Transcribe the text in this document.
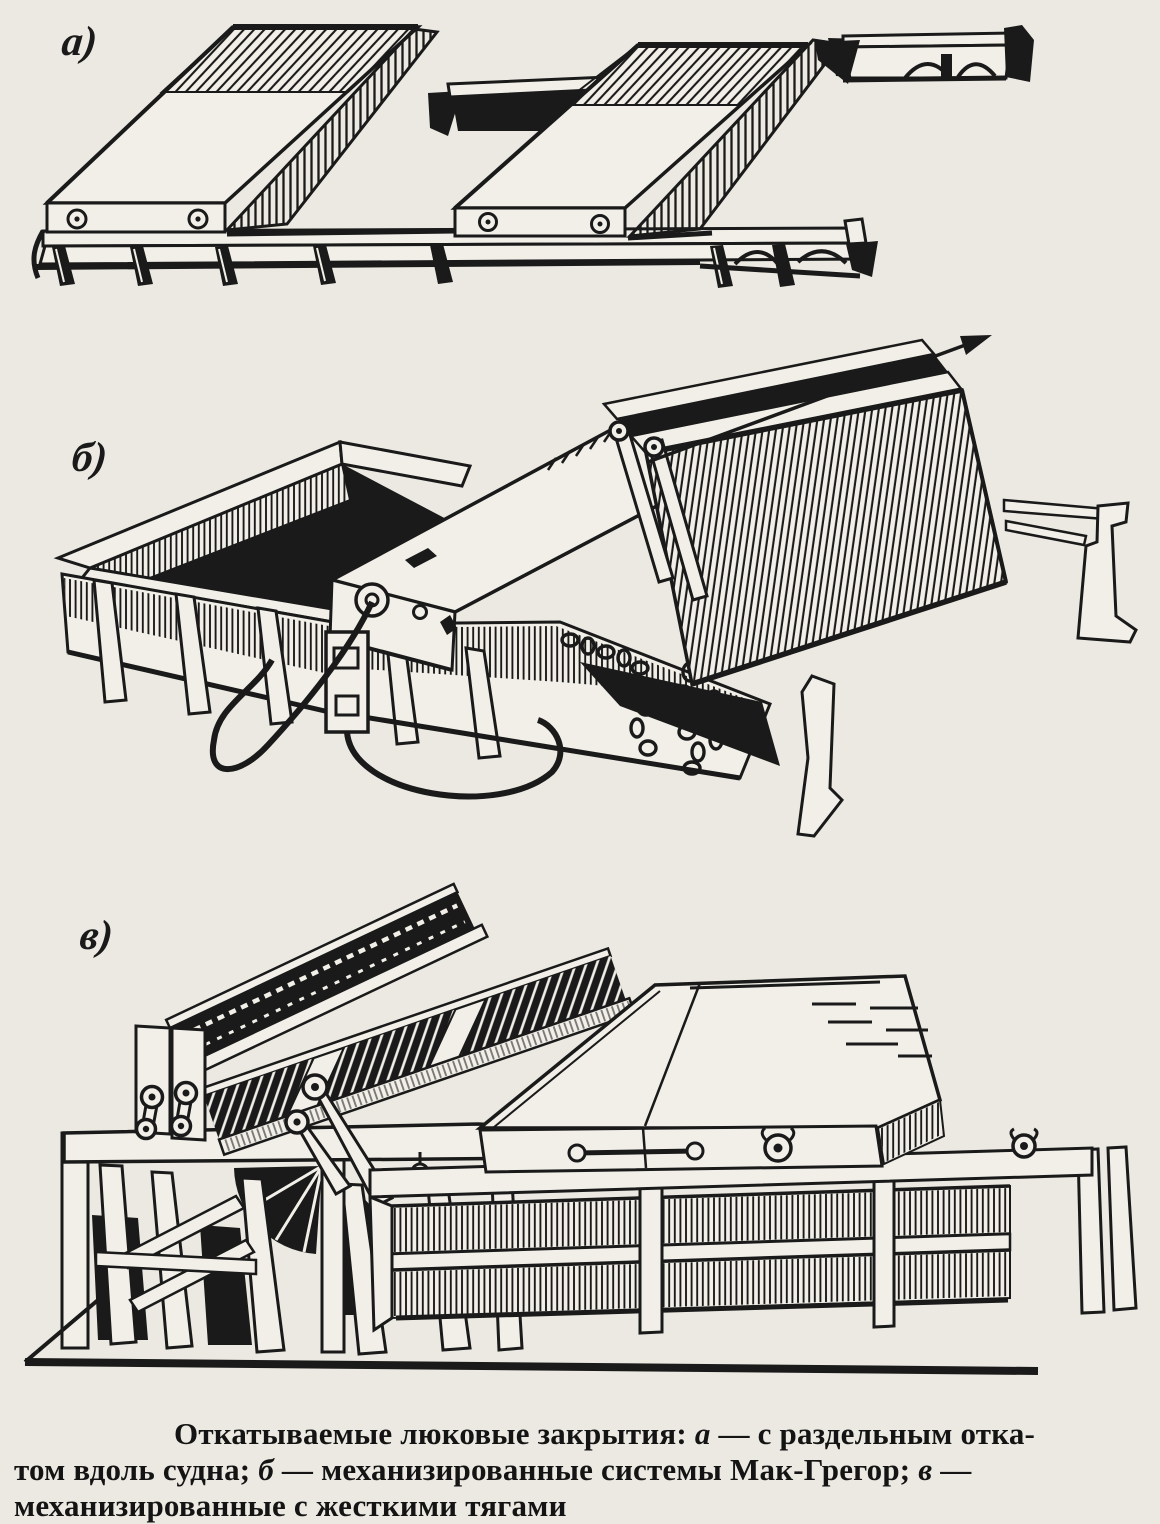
а)
б)
в)
Откатываемые люковые закрытия: а — с раздельным отка-
том вдоль судна; б — механизированные системы Мак-Грегор; в —
механизированные с жесткими тягами
